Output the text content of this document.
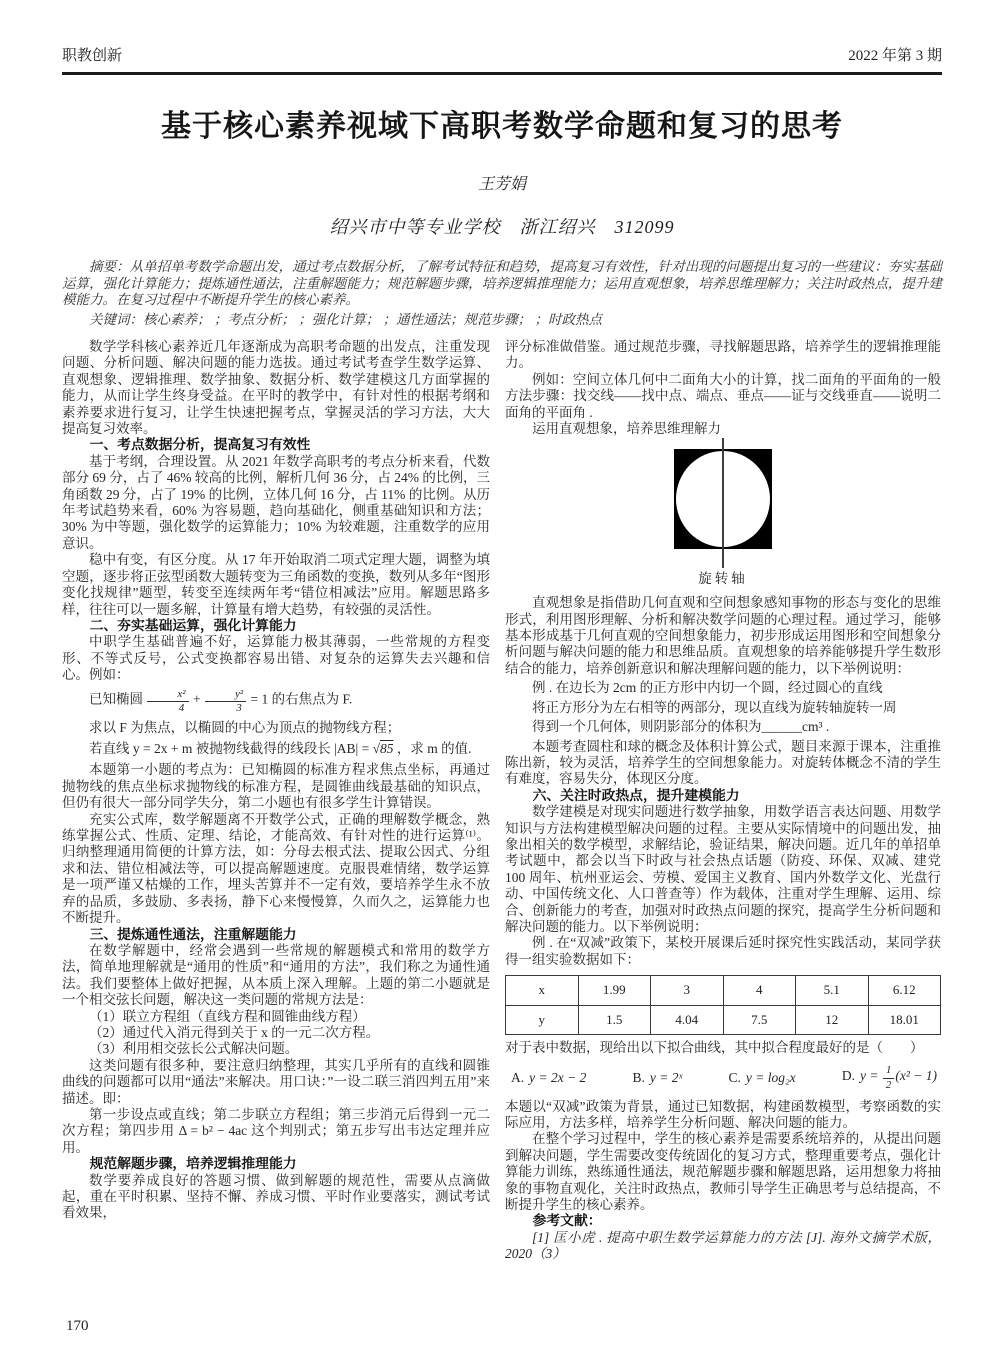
职教创新	2022 年第 3 期
基于核心素养视域下高职考数学命题和复习的思考
王芳娟
绍兴市中等专业学校　浙江绍兴　312099

摘要：从单招单考数学命题出发，通过考点数据分析，了解考试特征和趋势，提高复习有效性，针对出现的问题提出复习的一些建议：夯实基础运算，强化计算能力；提炼通性通法，注重解题能力；规范解题步骤，培养逻辑推理能力；运用直观想象，培养思维理解力；关注时政热点，提升建模能力。在复习过程中不断提升学生的核心素养。

关键词：核心素养； ；考点分析； ；强化计算； ；通性通法；规范步骤； ；时政热点

数学学科核心素养近几年逐渐成为高职考命题的出发点，注重发现问题、分析问题、解决问题的能力选拔。通过考试考查学生数学运算、直观想象、逻辑推理、数学抽象、数据分析、数学建模这几方面掌握的能力，从而让学生终身受益。在平时的教学中，有针对性的根据考纲和素养要求进行复习，让学生快速把握考点，掌握灵活的学习方法，大大提高复习效率。

一、考点数据分析，提高复习有效性

基于考纲，合理设置。从 2021 年数学高职考的考点分析来看，代数部分 69 分，占了 46% 较高的比例，解析几何 36 分，占 24% 的比例，三角函数 29 分，占了 19% 的比例，立体几何 16 分，占 11% 的比例。从历年考试趋势来看，60% 为容易题，趋向基础化，侧重基础知识和方法；30% 为中等题，强化数学的运算能力；10% 为较难题，注重数学的应用意识。

稳中有变，有区分度。从 17 年开始取消二项式定理大题，调整为填空题，逐步将正弦型函数大题转变为三角函数的变换，数列从多年“图形变化找规律”题型，转变至连续两年考“错位相减法”应用。解题思路多样，往往可以一题多解，计算量有增大趋势，有较强的灵活性。

二、夯实基础运算，强化计算能力

中职学生基础普遍不好，运算能力极其薄弱，一些常规的方程变形、不等式反号，公式变换都容易出错、对复杂的运算失去兴趣和信心。例如：

已知椭圆 $\frac{\text{x²}}{4} + \frac{\text{y²}}{3} = 1$ 的右焦点为 F.

求以 F 为焦点，以椭圆的中心为顶点的抛物线方程；

若直线 y = 2x + m 被抛物线截得的线段长 |AB| = √85 ，求 m 的值.

本题第一小题的考点为：已知椭圆的标准方程求焦点坐标，再通过抛物线的焦点坐标求抛物线的标准方程，是圆锥曲线最基础的知识点，但仍有很大一部分同学失分，第二小题也有很多学生计算错误。

充实公式库，数学解题离不开数学公式，正确的理解数学概念，熟练掌握公式、性质、定理、结论，才能高效、有针对性的进行运算⁽¹⁾。归纳整理通用简便的计算方法，如：分母去根式法、提取公因式、分组求和法、错位相减法等，可以提高解题速度。克服畏难情绪，数学运算是一项严谨又枯燥的工作，埋头苦算并不一定有效，要培养学生永不放弃的品质，多鼓励、多表扬，静下心来慢慢算，久而久之，运算能力也不断提升。

三、提炼通性通法，注重解题能力

在数学解题中，经常会遇到一些常规的解题模式和常用的数学方法，简单地理解就是“通用的性质”和“通用的方法”，我们称之为通性通法。我们要整体上做好把握，从本质上深入理解。上题的第二小题就是一个相交弦长问题，解决这一类问题的常规方法是：

（1）联立方程组（直线方程和圆锥曲线方程）

（2）通过代入消元得到关于 x 的一元二次方程。

（3）利用相交弦长公式解决问题。

这类问题有很多种，要注意归纳整理，其实几乎所有的直线和圆锥曲线的问题都可以用“通法”来解决。用口诀：”一设二联三消四判五用”来描述。即：

第一步设点或直线；第二步联立方程组；第三步消元后得到一元二次方程；第四步用 Δ = b² − 4ac 这个判别式；第五步写出韦达定理并应用。

规范解题步骤，培养逻辑推理能力

数学要养成良好的答题习惯、做到解题的规范性，需要从点滴做起，重在平时积累、坚持不懈、养成习惯、平时作业要落实，测试考试看效果，

评分标准做借鉴。通过规范步骤，寻找解题思路，培养学生的逻辑推理能力。

例如：空间立体几何中二面角大小的计算，找二面角的平面角的一般方法步骤：找交线——找中点、端点、垂点——证与交线垂直——说明二面角的平面角 .

运用直观想象，培养思维理解力

旋转轴

直观想象是指借助几何直观和空间想象感知事物的形态与变化的思维形式，利用图形理解、分析和解决数学问题的心理过程。通过学习，能够基本形成基于几何直观的空间想象能力，初步形成运用图形和空间想象分析问题与解决问题的能力和思维品质。直观想象的培养能够提升学生数形结合的能力，培养创新意识和解决理解问题的能力，以下举例说明：

例 . 在边长为 2cm 的正方形中内切一个圆，经过圆心的直线

将正方形分为左右相等的两部分，现以直线为旋转轴旋转一周

得到一个几何体，则阴影部分的体积为______cm³ .

本题考查圆柱和球的概念及体积计算公式，题目来源于课本，注重推陈出新，较为灵活，培养学生的空间想象能力。对旋转体概念不清的学生有难度，容易失分，体现区分度。

六、关注时政热点，提升建模能力

数学建模是对现实问题进行数学抽象，用数学语言表达问题、用数学知识与方法构建模型解决问题的过程。主要从实际情境中的问题出发，抽象出相关的数学模型，求解结论，验证结果，解决问题。近几年的单招单考试题中，都会以当下时政与社会热点话题（防疫、环保、双减、建党 100 周年、杭州亚运会、劳模、爱国主义教育、国内外数学文化、光盘行动、中国传统文化、人口普查等）作为载体，注重对学生理解、运用、综合、创新能力的考查，加强对时政热点问题的探究，提高学生分析问题和解决问题的能力。以下举例说明：

例 . 在“双减”政策下，某校开展课后延时探究性实践活动，某同学获得一组实验数据如下：

x	1.99	3	4	5.1	6.12
y	1.5	4.04	7.5	12	18.01

对于表中数据，现给出以下拟合曲线，其中拟合程度最好的是（　　）

A. y = 2x − 2	B. y = 2ˣ	C. y = log₂x	D. $y = \frac{1}{2} (x^2 - 1)$

本题以“双减”政策为背景，通过已知数据，构建函数模型，考察函数的实际应用，方法多样，培养学生分析问题、解决问题的能力。

在整个学习过程中，学生的核心素养是需要系统培养的，从提出问题到解决问题，学生需要改变传统固化的复习方式，整理重要考点，强化计算能力训练，熟练通性通法，规范解题步骤和解题思路，运用想象力将抽象的事物直观化，关注时政热点，教师引导学生正确思考与总结提高，不断提升学生的核心素养。

参考文献：

[1] 匡小虎 . 提高中职生数学运算能力的方法 [J]. 海外文摘学术版，2020（3）

170
